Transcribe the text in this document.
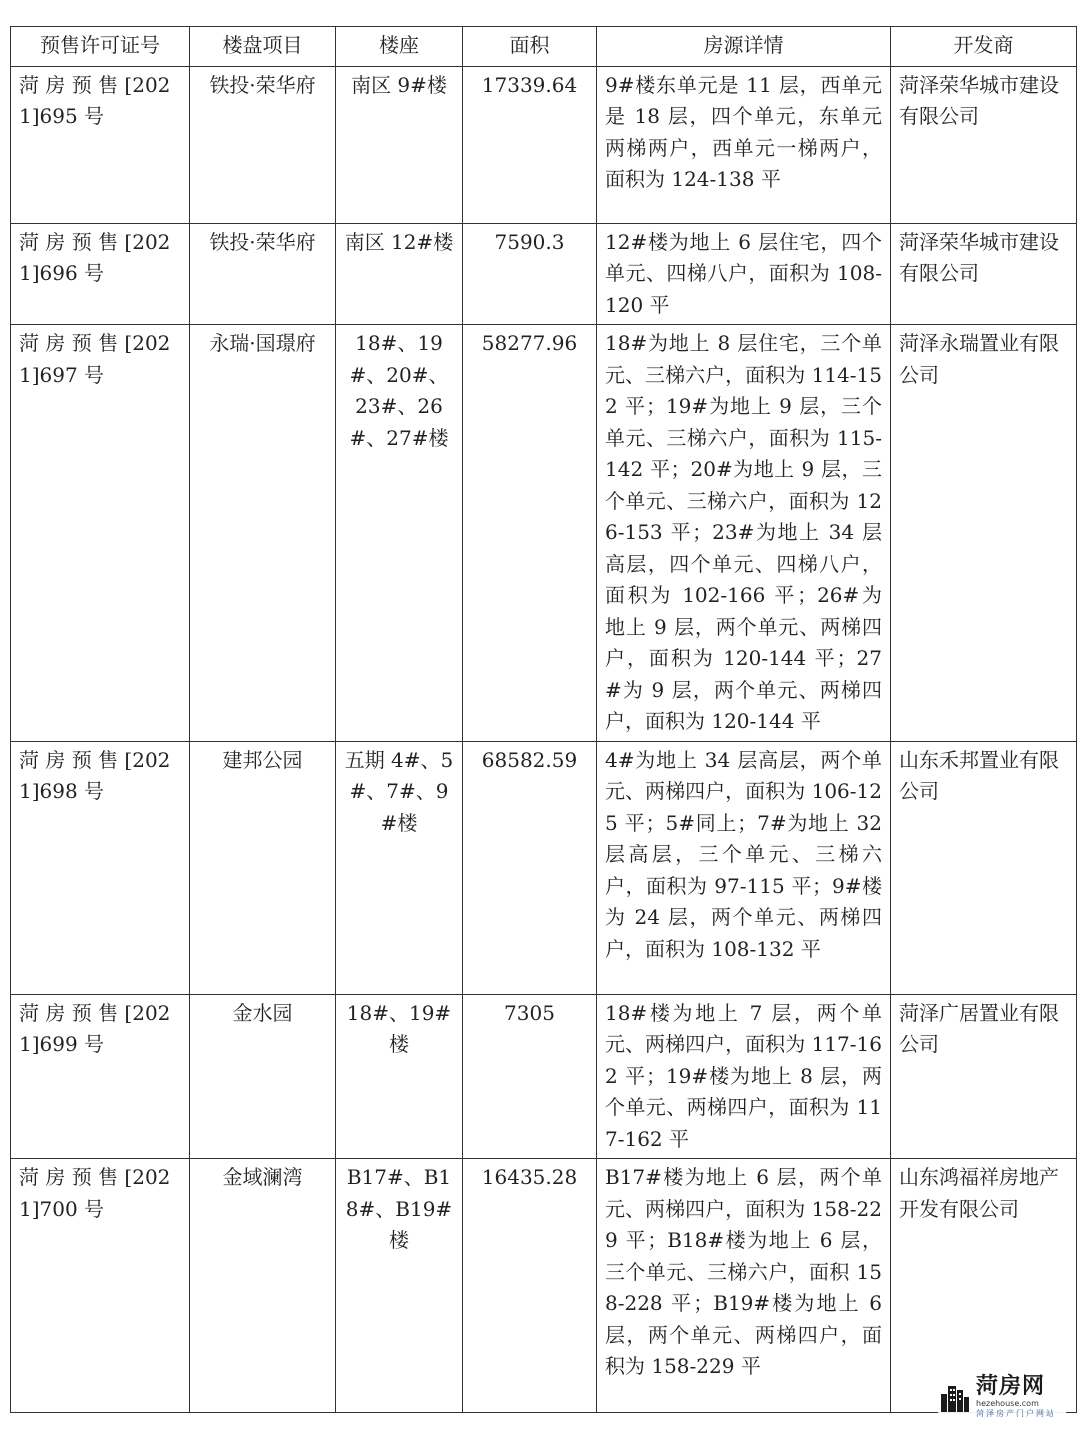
预售许可证号	楼盘项目	楼座	面积	房源详情	开发商
菏 房 预 售 [2021]695 号	铁投·荣华府	南区 9#楼	17339.64	9#楼东单元是 11 层，西单元是 18 层，四个单元，东单元两梯两户，西单元一梯两户，面积为 124-138 平	菏泽荣华城市建设有限公司
菏 房 预 售 [2021]696 号	铁投·荣华府	南区 12#楼	7590.3	12#楼为地上 6 层住宅，四个单元、四梯八户，面积为 108-120 平	菏泽荣华城市建设有限公司
菏 房 预 售 [2021]697 号	永瑞·国璟府	18#、19#、20#、23#、26#、27#楼	58277.96	18#为地上 8 层住宅，三个单元、三梯六户，面积为 114-152 平；19#为地上 9 层，三个单元、三梯六户，面积为 115-142 平；20#为地上 9 层，三个单元、三梯六户，面积为 126-153 平；23#为地上 34 层高层，四个单元、四梯八户，面积为 102-166 平；26#为地上 9 层，两个单元、两梯四户，面积为 120-144 平；27#为 9 层，两个单元、两梯四户，面积为 120-144 平	菏泽永瑞置业有限公司
菏 房 预 售 [2021]698 号	建邦公园	五期 4#、5#、7#、9#楼	68582.59	4#为地上 34 层高层，两个单元、两梯四户，面积为 106-125 平；5#同上；7#为地上 32 层高层，三个单元、三梯六户，面积为 97-115 平；9#楼为 24 层，两个单元、两梯四户，面积为 108-132 平	山东禾邦置业有限公司
菏 房 预 售 [2021]699 号	金水园	18#、19#楼	7305	18#楼为地上 7 层，两个单元、两梯四户，面积为 117-162 平；19#楼为地上 8 层，两个单元、两梯四户，面积为 117-162 平	菏泽广居置业有限公司
菏 房 预 售 [2021]700 号	金域澜湾	B17#、B18#、B19#楼	16435.28	B17#楼为地上 6 层，两个单元、两梯四户，面积为 158-229 平；B18#楼为地上 6 层，三个单元、三梯六户，面积 158-228 平；B19#楼为地上 6 层，两个单元、两梯四户，面积为 158-229 平	山东鸿福祥房地产开发有限公司
菏房网
hezehouse.com
菏泽房产门户网站
